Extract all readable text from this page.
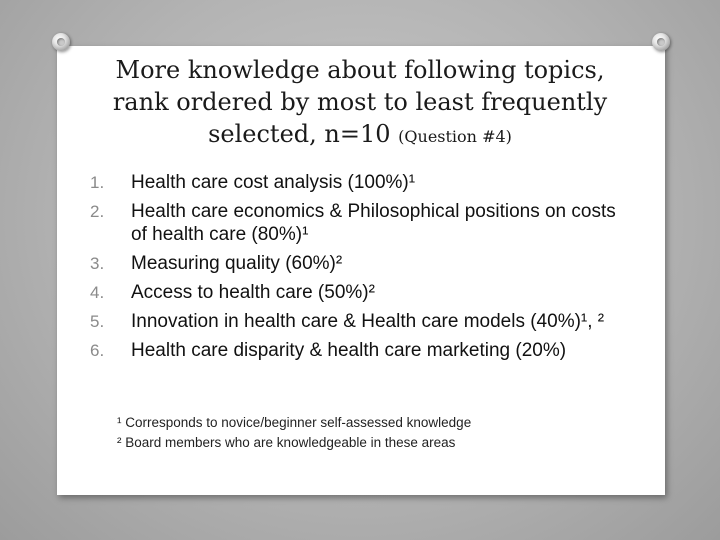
More knowledge about following topics,
rank ordered by most to least frequently
selected, n=10 (Question #4)
1.	Health care cost analysis (100%)¹
2.	Health care economics & Philosophical positions on costs of health care (80%)¹
3.	Measuring quality (60%)²
4.	Access to health care (50%)²
5.	Innovation in health care & Health care models (40%)¹, ²
6.	Health care disparity & health care marketing (20%)
¹ Corresponds to novice/beginner self-assessed knowledge
² Board members who are knowledgeable in these areas
